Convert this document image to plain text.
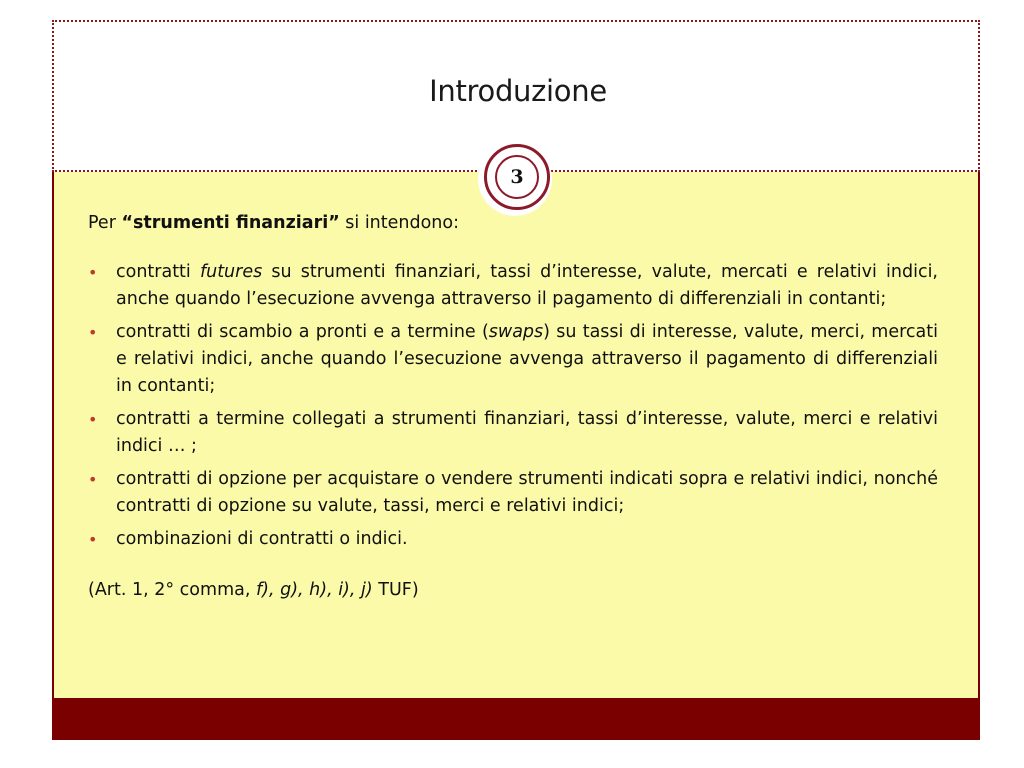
Introduzione
3

Per “strumenti finanziari” si intendono:

• contratti futures su strumenti finanziari, tassi d’interesse, valute, mercati e relativi indici, anche quando l’esecuzione avvenga attraverso il pagamento di differenziali in contanti;
• contratti di scambio a pronti e a termine (swaps) su tassi di interesse, valute, merci, mercati e relativi indici, anche quando l’esecuzione avvenga attraverso il pagamento di differenziali in contanti;
• contratti a termine collegati a strumenti finanziari, tassi d’interesse, valute, merci e relativi indici … ;
• contratti di opzione per acquistare o vendere strumenti indicati sopra e relativi indici, nonché contratti di opzione su valute, tassi, merci e relativi indici;
• combinazioni di contratti o indici.

(Art. 1, 2° comma, f), g), h), i), j) TUF)
